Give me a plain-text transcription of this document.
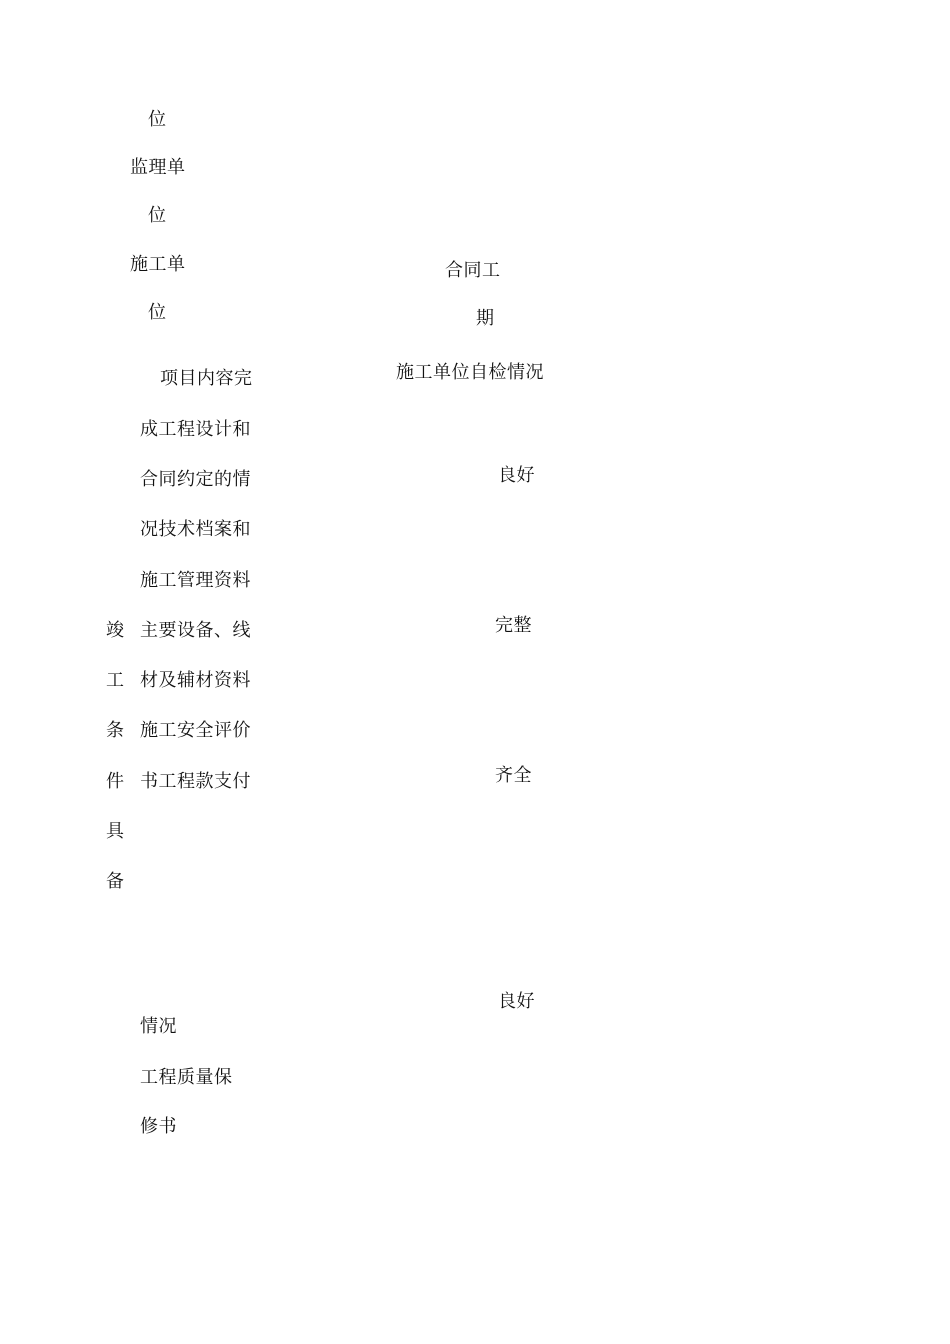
位
监理单
位
施工单
位
合同工
期
施工单位自检情况
竣
工
条
件
具
备
项目内容完
成工程设计和
合同约定的情
况技术档案和
施工管理资料
主要设备、线
材及辅材资料
施工安全评价
书工程款支付
情况
工程质量保
修书
良好
完整
齐全
良好
